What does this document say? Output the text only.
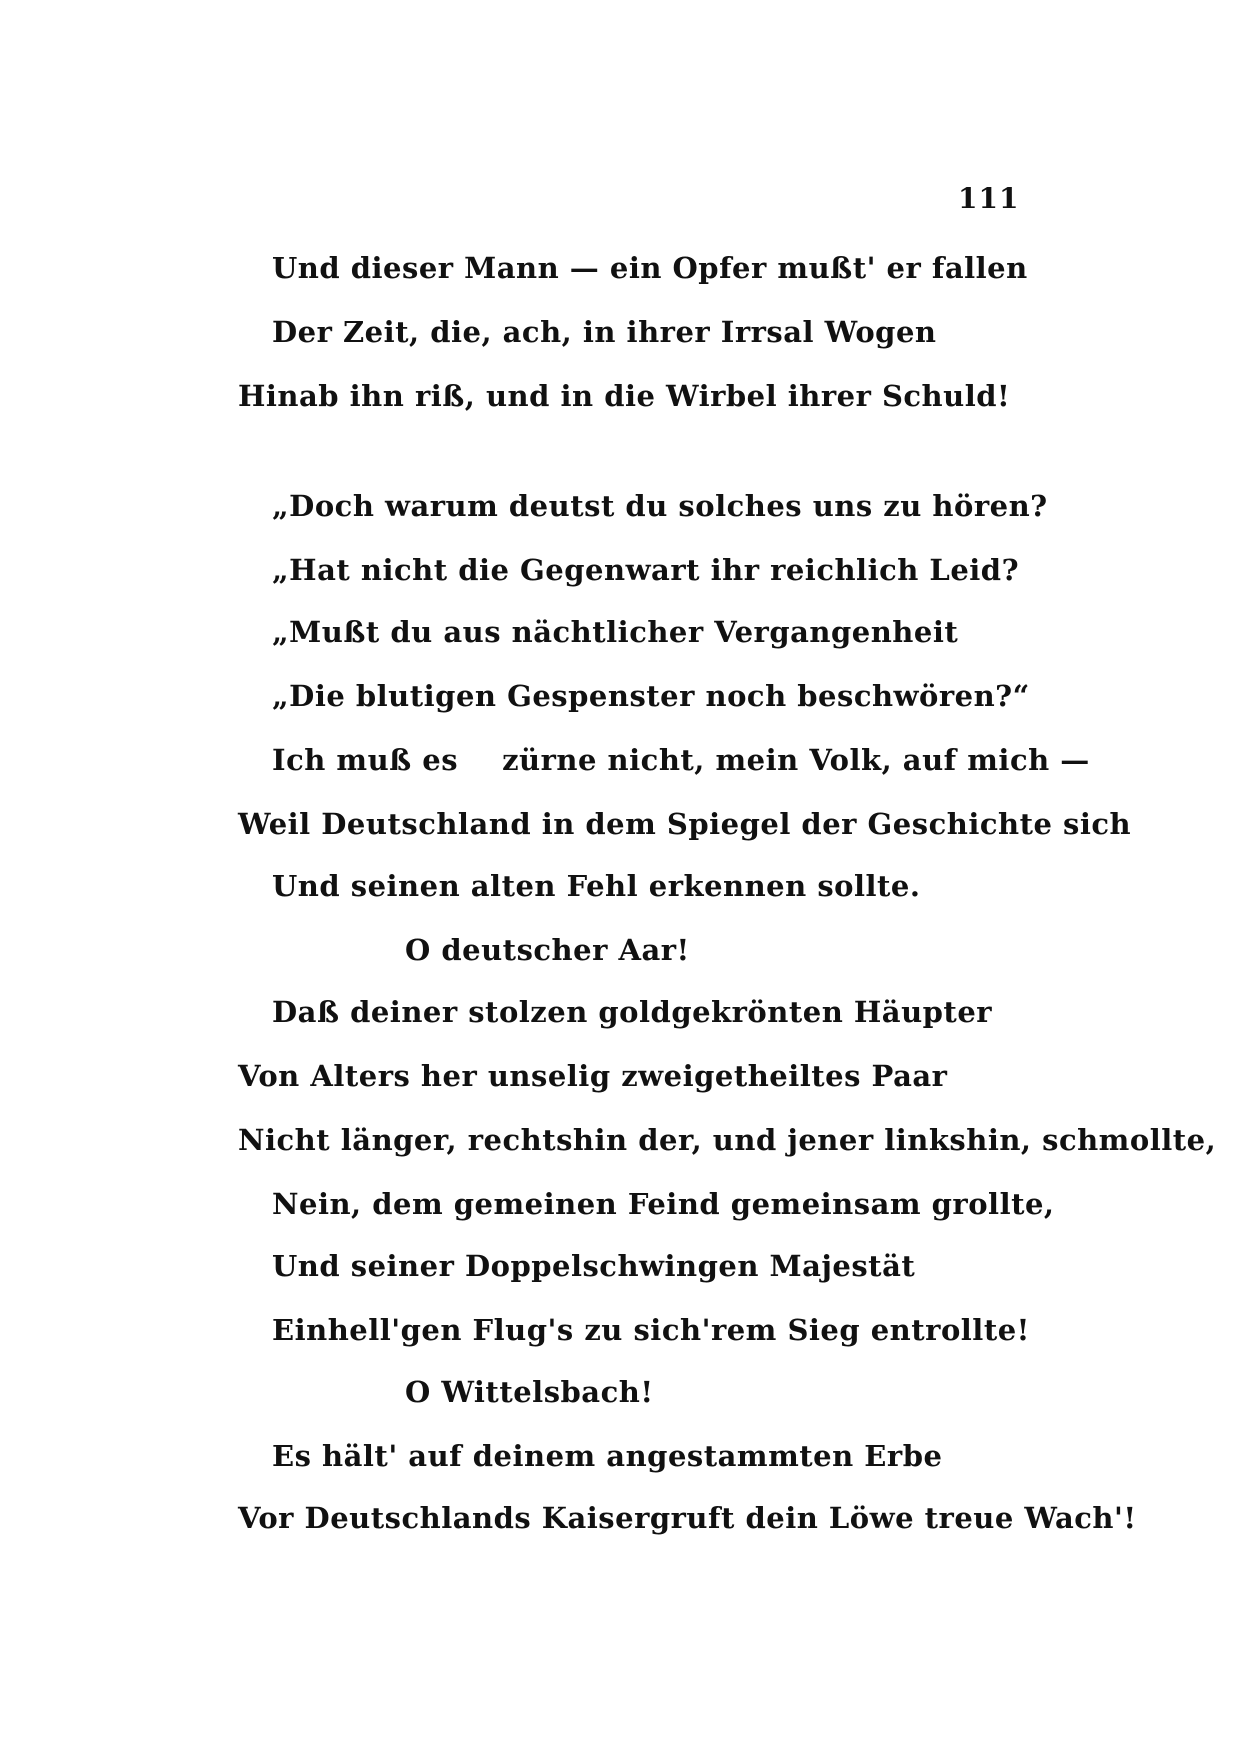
111
Und dieser Mann — ein Opfer mußt' er fallen
Der Zeit, die, ach, in ihrer Irrsal Wogen
Hinab ihn riß, und in die Wirbel ihrer Schuld!
„Doch warum deutst du solches uns zu hören?
„Hat nicht die Gegenwart ihr reichlich Leid?
„Mußt du aus nächtlicher Vergangenheit
„Die blutigen Gespenster noch beschwören?“
Ich muß es zürne nicht, mein Volk, auf mich —
Weil Deutschland in dem Spiegel der Geschichte sich
Und seinen alten Fehl erkennen sollte.
O deutscher Aar!
Daß deiner stolzen goldgekrönten Häupter
Von Alters her unselig zweigetheiltes Paar
Nicht länger, rechtshin der, und jener linkshin, schmollte,
Nein, dem gemeinen Feind gemeinsam grollte,
Und seiner Doppelschwingen Majestät
Einhell'gen Flug's zu sich'rem Sieg entrollte!
O Wittelsbach!
Es hält' auf deinem angestammten Erbe
Vor Deutschlands Kaisergruft dein Löwe treue Wach'!
